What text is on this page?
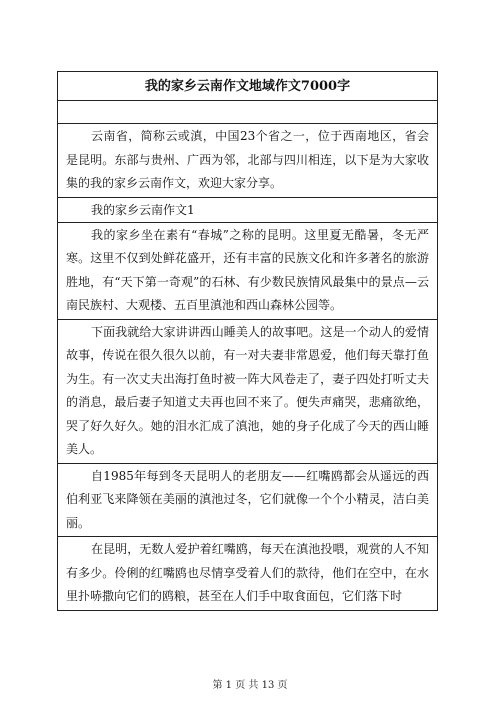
我的家乡云南作文地域作文7000字
云南省，简称云或滇，中国23个省之一，位于西南地区，省会是昆明。东部与贵州、广西为邻，北部与四川相连，以下是为大家收集的我的家乡云南作文，欢迎大家分享。
我的家乡云南作文1
我的家乡坐在素有“春城”之称的昆明。这里夏无酷暑，冬无严寒。这里不仅到处鲜花盛开，还有丰富的民族文化和许多著名的旅游胜地，有“天下第一奇观”的石林、有少数民族情风最集中的景点—云南民族村、大观楼、五百里滇池和西山森林公园等。
下面我就给大家讲讲西山睡美人的故事吧。这是一个动人的爱情故事，传说在很久很久以前，有一对夫妻非常恩爱，他们每天靠打鱼为生。有一次丈夫出海打鱼时被一阵大风卷走了，妻子四处打听丈夫的消息，最后妻子知道丈夫再也回不来了。便失声痛哭，悲痛欲绝，哭了好久好久。她的泪水汇成了滇池，她的身子化成了今天的西山睡美人。
自1985年每到冬天昆明人的老朋友——红嘴鸥都会从遥远的西伯利亚飞来降领在美丽的滇池过冬，它们就像一个个小精灵，洁白美丽。
在昆明，无数人爱护着红嘴鸥，每天在滇池投喂，观赏的人不知有多少。伶俐的红嘴鸥也尽情享受着人们的款待，他们在空中，在水里扑哧撒向它们的鸥粮，甚至在人们手中取食面包，它们落下时
第 1 页 共 13 页
